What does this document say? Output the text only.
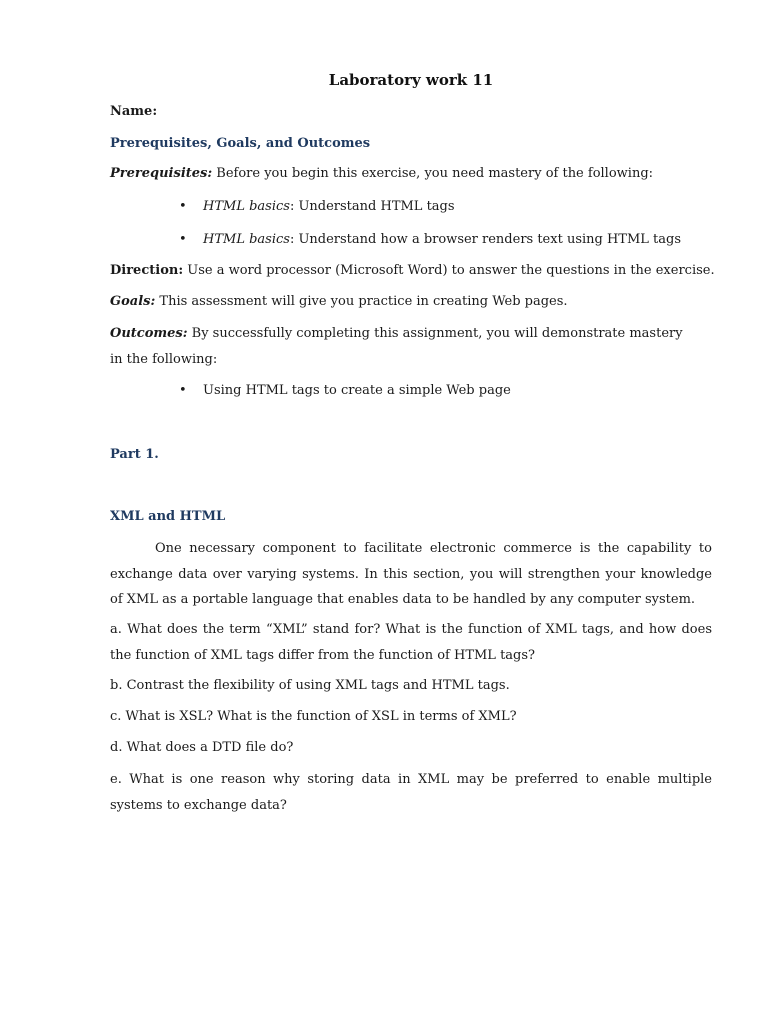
Laboratory work 11
Name:
Prerequisites, Goals, and Outcomes
Prerequisites: Before you begin this exercise, you need mastery of the following:
• HTML basics: Understand HTML tags
• HTML basics: Understand how a browser renders text using HTML tags
Direction: Use a word processor (Microsoft Word) to answer the questions in the exercise.
Goals: This assessment will give you practice in creating Web pages.
Outcomes: By successfully completing this assignment, you will demonstrate mastery in the following:
• Using HTML tags to create a simple Web page
Part 1.
XML and HTML
One necessary component to facilitate electronic commerce is the capability to exchange data over varying systems. In this section, you will strengthen your knowledge of XML as a portable language that enables data to be handled by any computer system.
a. What does the term “XML” stand for? What is the function of XML tags, and how does the function of XML tags differ from the function of HTML tags?
b. Contrast the flexibility of using XML tags and HTML tags.
c. What is XSL? What is the function of XSL in terms of XML?
d. What does a DTD file do?
e. What is one reason why storing data in XML may be preferred to enable multiple systems to exchange data?
